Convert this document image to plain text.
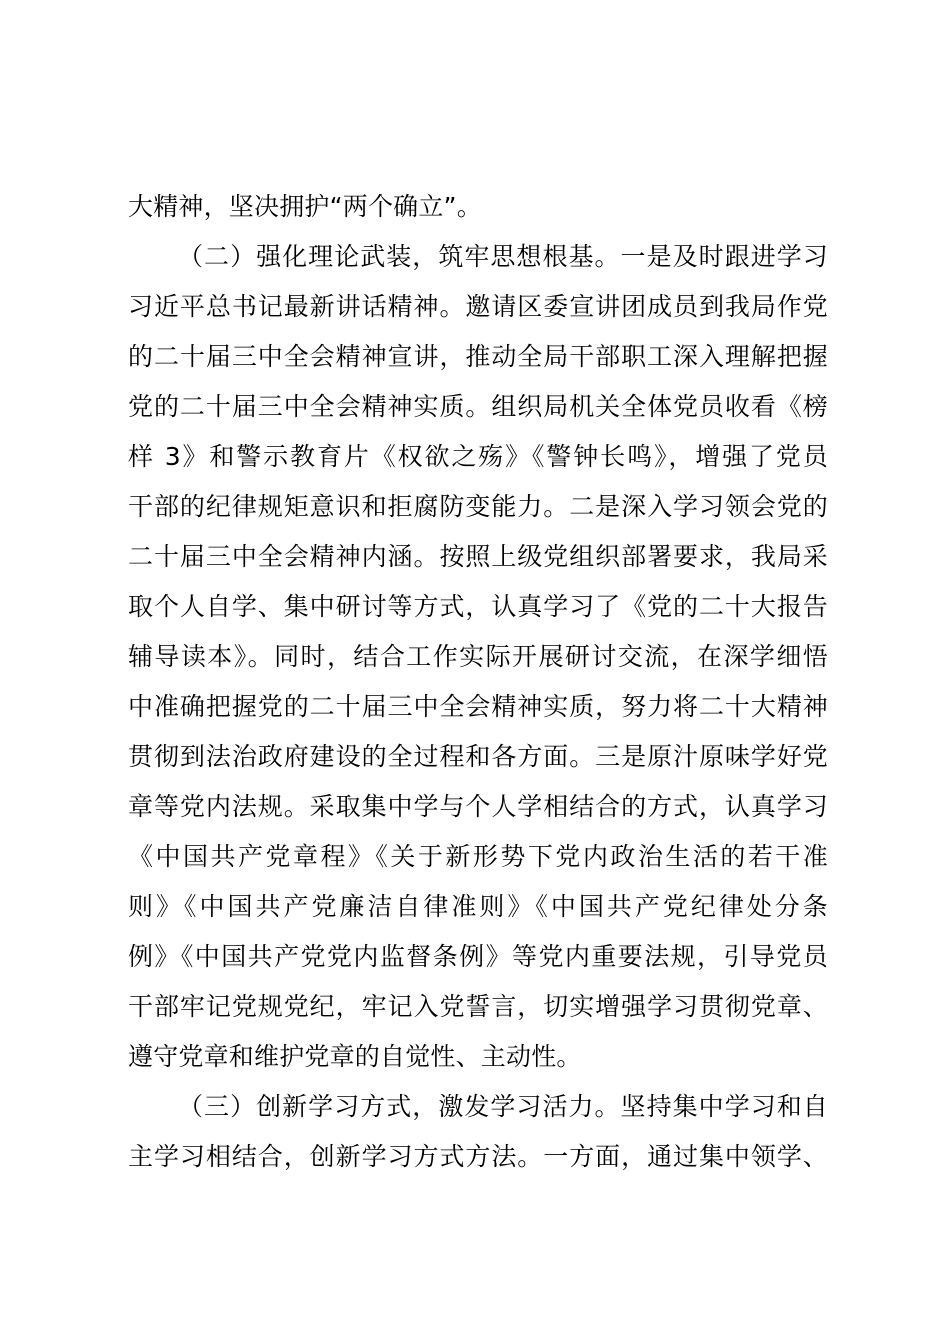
大精神，坚决拥护“两个确立”。
（二）强化理论武装，筑牢思想根基。一是及时跟进学习
习近平总书记最新讲话精神。邀请区委宣讲团成员到我局作党
的二十届三中全会精神宣讲，推动全局干部职工深入理解把握
党的二十届三中全会精神实质。组织局机关全体党员收看《榜
样 3》和警示教育片《权欲之殇》《警钟长鸣》，增强了党员
干部的纪律规矩意识和拒腐防变能力。二是深入学习领会党的
二十届三中全会精神内涵。按照上级党组织部署要求，我局采
取个人自学、集中研讨等方式，认真学习了《党的二十大报告
辅导读本》。同时，结合工作实际开展研讨交流，在深学细悟
中准确把握党的二十届三中全会精神实质，努力将二十大精神
贯彻到法治政府建设的全过程和各方面。三是原汁原味学好党
章等党内法规。采取集中学与个人学相结合的方式，认真学习
《中国共产党章程》《关于新形势下党内政治生活的若干准
则》《中国共产党廉洁自律准则》《中国共产党纪律处分条
例》《中国共产党党内监督条例》等党内重要法规，引导党员
干部牢记党规党纪，牢记入党誓言，切实增强学习贯彻党章、
遵守党章和维护党章的自觉性、主动性。
（三）创新学习方式，激发学习活力。坚持集中学习和自
主学习相结合，创新学习方式方法。一方面，通过集中领学、
